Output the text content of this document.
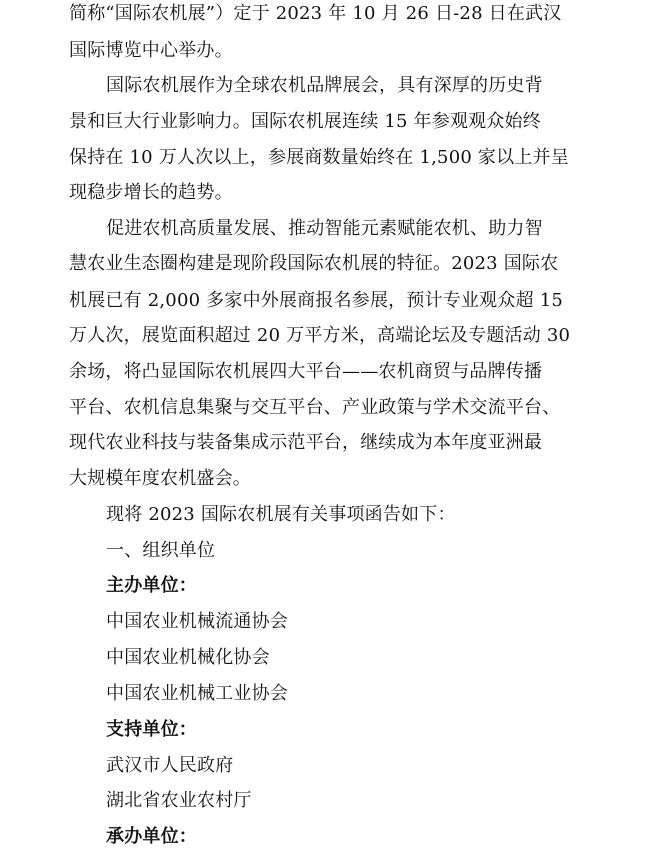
简称“国际农机展”）定于 2023 年 10 月 26 日-28 日在武汉
国际博览中心举办。
国际农机展作为全球农机品牌展会，具有深厚的历史背
景和巨大行业影响力。国际农机展连续 15 年参观观众始终
保持在 10 万人次以上，参展商数量始终在 1,500 家以上并呈
现稳步增长的趋势。
促进农机高质量发展、推动智能元素赋能农机、助力智
慧农业生态圈构建是现阶段国际农机展的特征。2023 国际农
机展已有 2,000 多家中外展商报名参展，预计专业观众超 15
万人次，展览面积超过 20 万平方米，高端论坛及专题活动 30
余场，将凸显国际农机展四大平台——农机商贸与品牌传播
平台、农机信息集聚与交互平台、产业政策与学术交流平台、
现代农业科技与装备集成示范平台，继续成为本年度亚洲最
大规模年度农机盛会。
现将 2023 国际农机展有关事项函告如下：
一、组织单位
主办单位：
中国农业机械流通协会
中国农业机械化协会
中国农业机械工业协会
支持单位：
武汉市人民政府
湖北省农业农村厅
承办单位：
